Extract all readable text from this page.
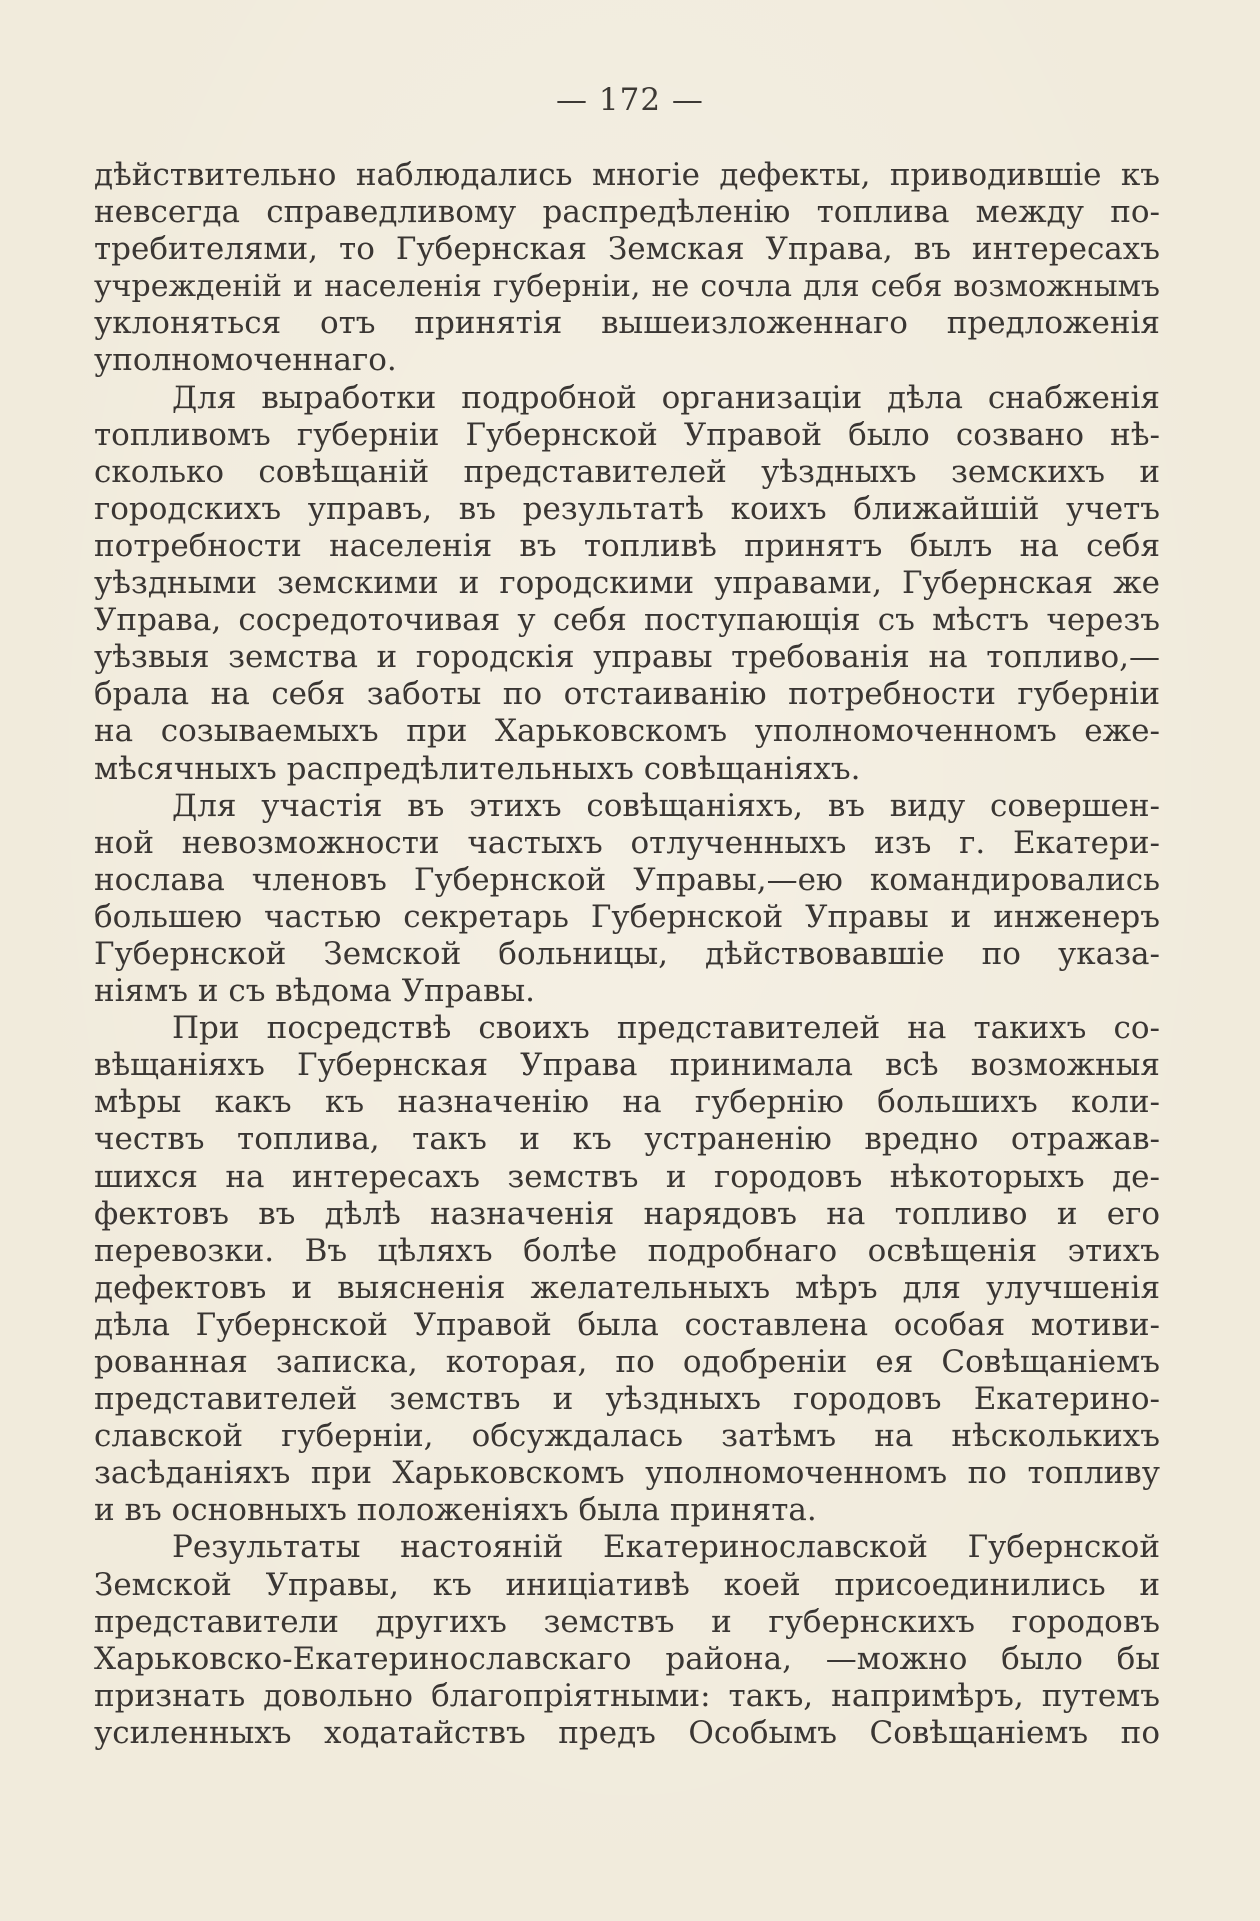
— 172 —
дѣйствительно наблюдались многіе дефекты, приводившіе къ
невсегда справедливому распредѣленію топлива между по-
требителями, то Губернская Земская Управа, въ интересахъ
учрежденій и населенія губерніи, не сочла для себя возможнымъ
уклоняться отъ принятія вышеизложеннаго предложенія
уполномоченнаго.
Для выработки подробной организаціи дѣла снабженія
топливомъ губерніи Губернской Управой было созвано нѣ-
сколько совѣщаній представителей уѣздныхъ земскихъ и
городскихъ управъ, въ результатѣ коихъ ближайшій учетъ
потребности населенія въ топливѣ принятъ былъ на себя
уѣздными земскими и городскими управами, Губернская же
Управа, сосредоточивая у себя поступающія съ мѣстъ черезъ
уѣзвыя земства и городскія управы требованія на топливо,—
брала на себя заботы по отстаиванію потребности губерніи
на созываемыхъ при Харьковскомъ уполномоченномъ еже-
мѣсячныхъ распредѣлительныхъ совѣщаніяхъ.
Для участія въ этихъ совѣщаніяхъ, въ виду совершен-
ной невозможности частыхъ отлученныхъ изъ г. Екатери-
нослава членовъ Губернской Управы,—ею командировались
большею частью секретарь Губернской Управы и инженеръ
Губернской Земской больницы, дѣйствовавшіе по указа-
ніямъ и съ вѣдома Управы.
При посредствѣ своихъ представителей на такихъ со-
вѣщаніяхъ Губернская Управа принимала всѣ возможныя
мѣры какъ къ назначенію на губернію большихъ коли-
чествъ топлива, такъ и къ устраненію вредно отражав-
шихся на интересахъ земствъ и городовъ нѣкоторыхъ де-
фектовъ въ дѣлѣ назначенія нарядовъ на топливо и его
перевозки. Въ цѣляхъ болѣе подробнаго освѣщенія этихъ
дефектовъ и выясненія желательныхъ мѣръ для улучшенія
дѣла Губернской Управой была составлена особая мотиви-
рованная записка, которая, по одобреніи ея Совѣщаніемъ
представителей земствъ и уѣздныхъ городовъ Екатерино-
славской губерніи, обсуждалась затѣмъ на нѣсколькихъ
засѣданіяхъ при Харьковскомъ уполномоченномъ по топливу
и въ основныхъ положеніяхъ была принята.
Результаты настояній Екатеринославской Губернской
Земской Управы, къ иниціативѣ коей присоединились и
представители другихъ земствъ и губернскихъ городовъ
Харьковско-Екатеринославскаго района, —можно было бы
признать довольно благопріятными: такъ, напримѣръ, путемъ
усиленныхъ ходатайствъ предъ Особымъ Совѣщаніемъ по
